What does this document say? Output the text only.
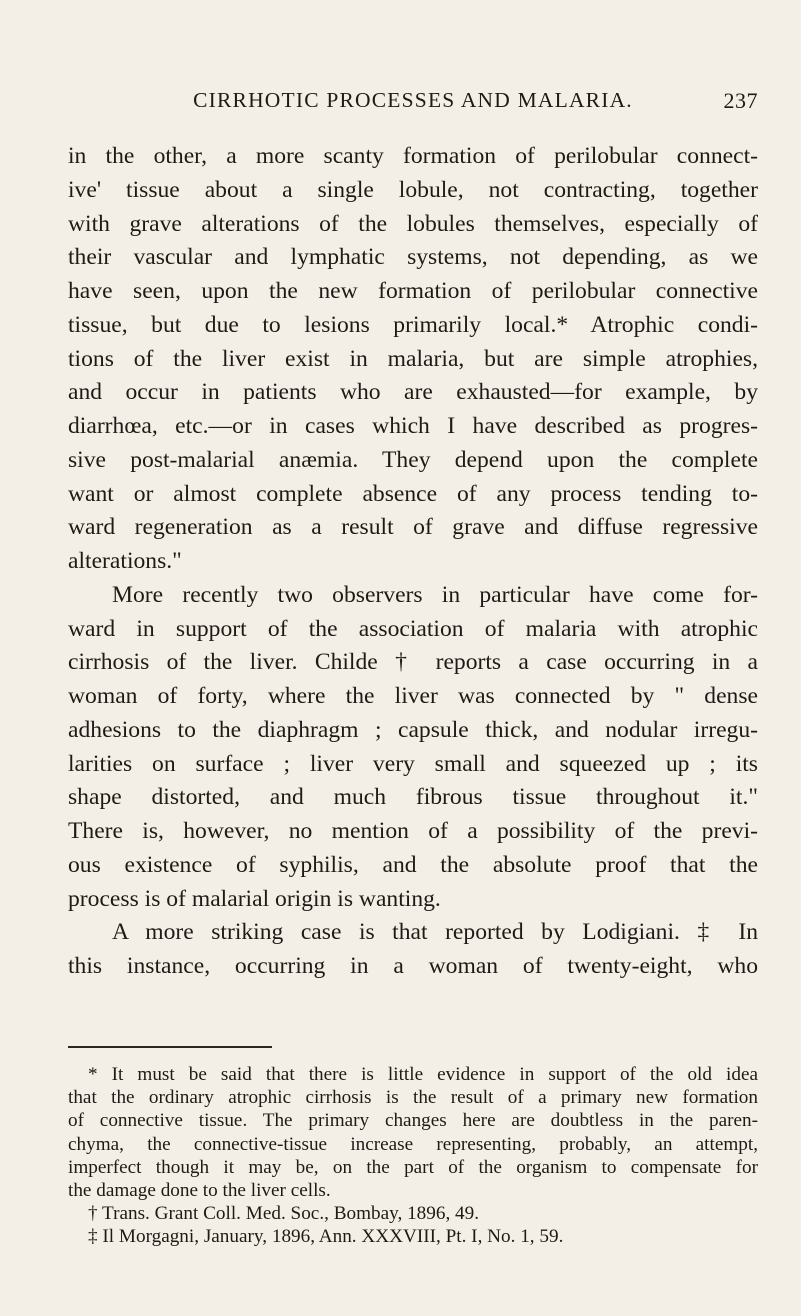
CIRRHOTIC PROCESSES AND MALARIA.	237

in the other, a more scanty formation of perilobular connect-
ive' tissue about a single lobule, not contracting, together
with grave alterations of the lobules themselves, especially of
their vascular and lymphatic systems, not depending, as we
have seen, upon the new formation of perilobular connective
tissue, but due to lesions primarily local.* Atrophic condi-
tions of the liver exist in malaria, but are simple atrophies,
and occur in patients who are exhausted—for example, by
diarrhœa, etc.—or in cases which I have described as progres-
sive post-malarial anæmia. They depend upon the complete
want or almost complete absence of any process tending to-
ward regeneration as a result of grave and diffuse regressive
alterations."

More recently two observers in particular have come for-
ward in support of the association of malaria with atrophic
cirrhosis of the liver. Childe † reports a case occurring in a
woman of forty, where the liver was connected by " dense
adhesions to the diaphragm ; capsule thick, and nodular irregu-
larities on surface ; liver very small and squeezed up ; its
shape distorted, and much fibrous tissue throughout it."
There is, however, no mention of a possibility of the previ-
ous existence of syphilis, and the absolute proof that the
process is of malarial origin is wanting.

A more striking case is that reported by Lodigiani. ‡ In
this instance, occurring in a woman of twenty-eight, who

* It must be said that there is little evidence in support of the old idea
that the ordinary atrophic cirrhosis is the result of a primary new formation
of connective tissue. The primary changes here are doubtless in the paren-
chyma, the connective-tissue increase representing, probably, an attempt,
imperfect though it may be, on the part of the organism to compensate for
the damage done to the liver cells.
† Trans. Grant Coll. Med. Soc., Bombay, 1896, 49.
‡ Il Morgagni, January, 1896, Ann. XXXVIII, Pt. I, No. 1, 59.
